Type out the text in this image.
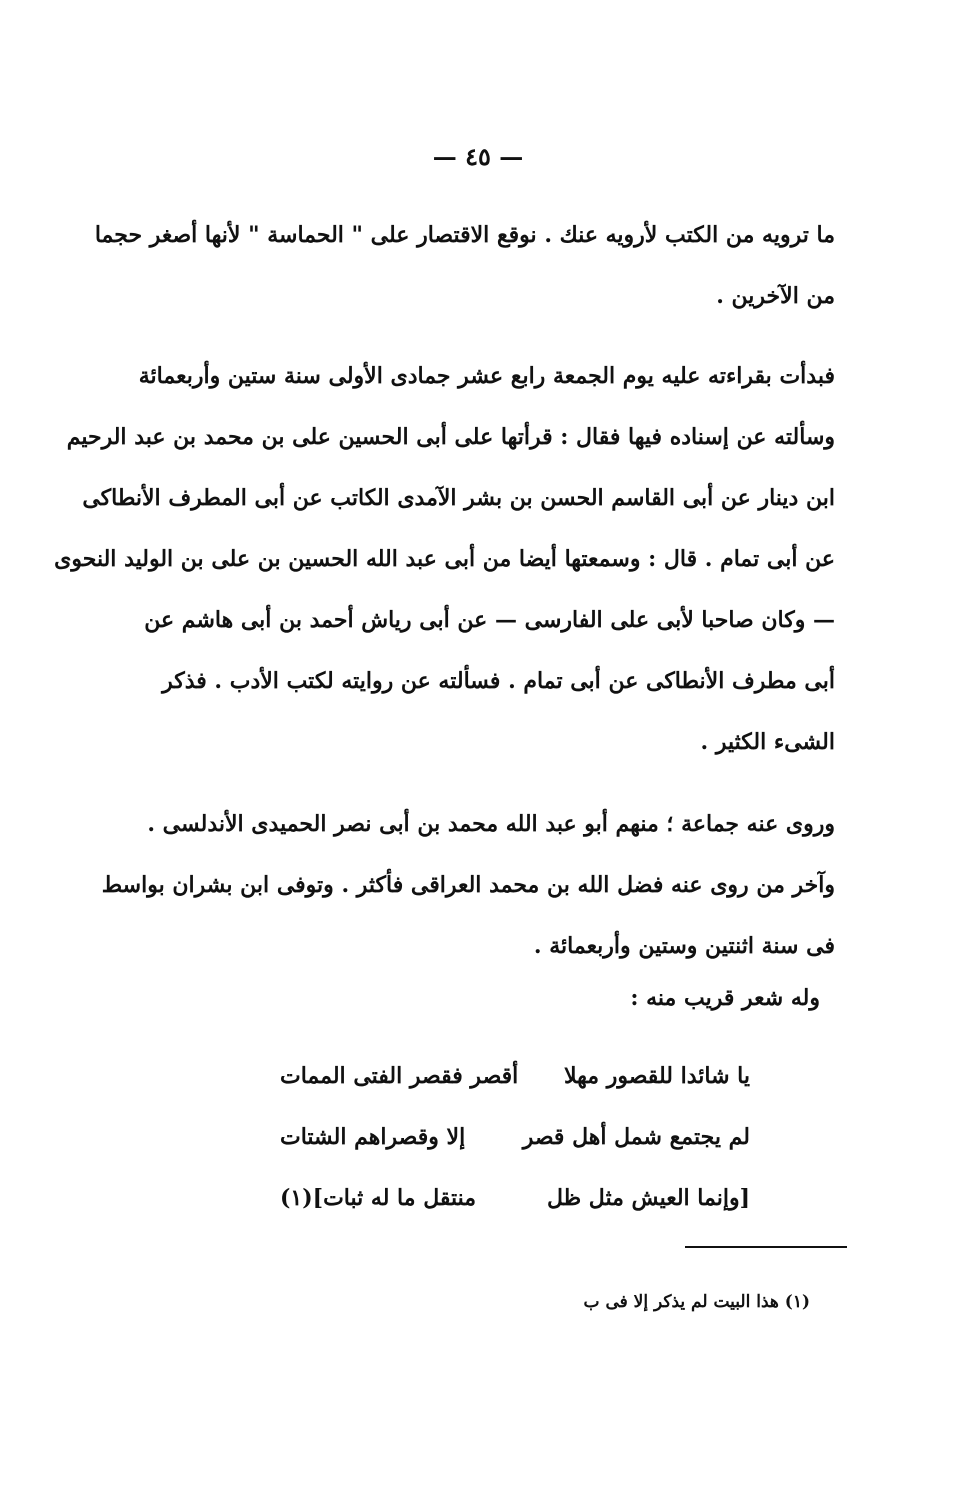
— ٤٥ —
ما ترويه من الكتب لأرويه عنك . نوقع الاقتصار على " الحماسة " لأنها أصغر حجما
من الآخرين .
فبدأت بقراءته عليه يوم الجمعة رابع عشر جمادى الأولى سنة ستين وأربعمائة
وسألته عن إسناده فيها فقال : قرأتها على أبى الحسين على بن محمد بن عبد الرحيم
ابن دينار عن أبى القاسم الحسن بن بشر الآمدى الكاتب عن أبى المطرف الأنطاكى
عن أبى تمام . قال : وسمعتها أيضا من أبى عبد الله الحسين بن على بن الوليد النحوى
— وكان صاحبا لأبى على الفارسى — عن أبى رياش أحمد بن أبى هاشم عن
أبى مطرف الأنطاكى عن أبى تمام . فسألته عن روايته لكتب الأدب . فذكر
الشىء الكثير .
وروى عنه جماعة ؛ منهم أبو عبد الله محمد بن أبى نصر الحميدى الأندلسى .
وآخر من روى عنه فضل الله بن محمد العراقى فأكثر . وتوفى ابن بشران بواسط
فى سنة اثنتين وستين وأربعمائة .
وله شعر قريب منه :
يا شائدا للقصور مهلا
أقصر فقصر الفتى الممات
لم يجتمع شمل أهل قصر
إلا وقصراهم الشتات
[وإنما العيش مثل ظل
منتقل ما له ثبات](١)
(١) هذا البيت لم يذكر إلا فى ب
